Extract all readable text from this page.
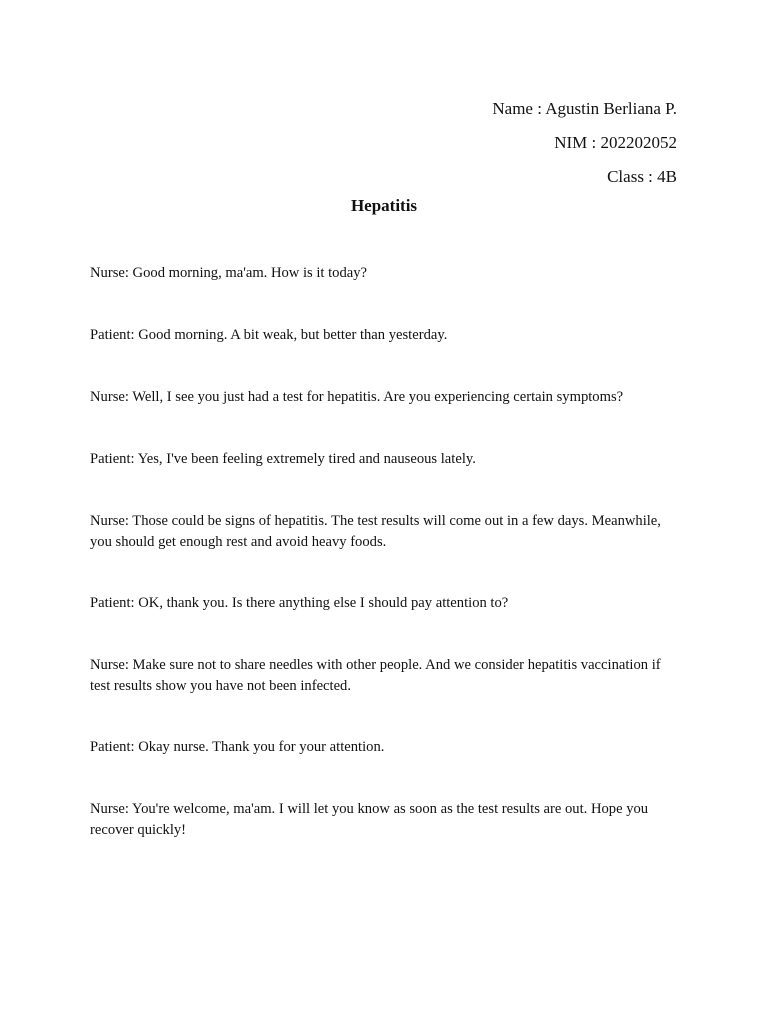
Name : Agustin Berliana P.
NIM : 202202052
Class : 4B
Hepatitis

Nurse: Good morning, ma'am. How is it today?

Patient: Good morning. A bit weak, but better than yesterday.

Nurse: Well, I see you just had a test for hepatitis. Are you experiencing certain symptoms?

Patient: Yes, I've been feeling extremely tired and nauseous lately.

Nurse: Those could be signs of hepatitis. The test results will come out in a few days. Meanwhile, you should get enough rest and avoid heavy foods.

Patient: OK, thank you. Is there anything else I should pay attention to?

Nurse: Make sure not to share needles with other people. And we consider hepatitis vaccination if test results show you have not been infected.

Patient: Okay nurse. Thank you for your attention.

Nurse: You're welcome, ma'am. I will let you know as soon as the test results are out. Hope you recover quickly!
